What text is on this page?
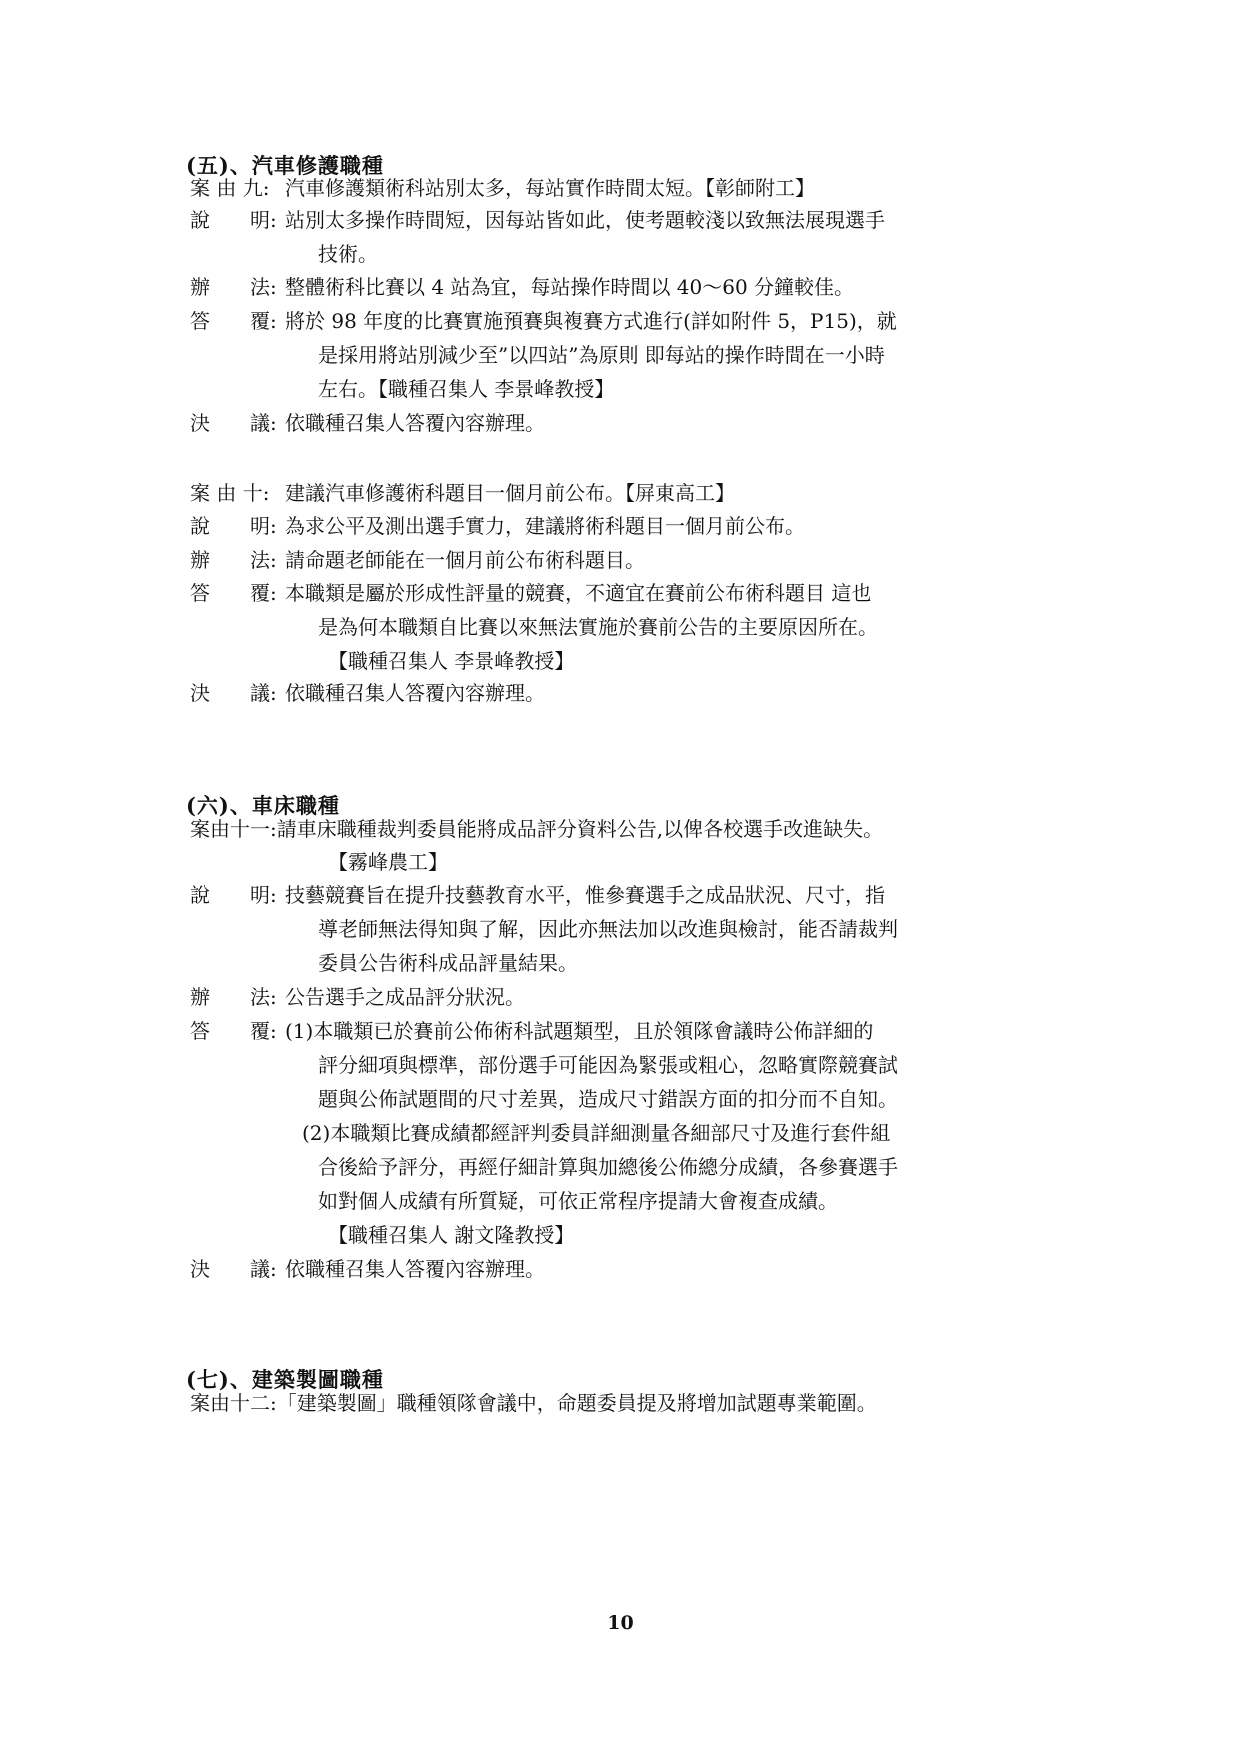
(五)、汽車修護職種
案 由 九: 汽車修護類術科站別太多，每站實作時間太短。【彰師附工】
說　　明: 站別太多操作時間短，因每站皆如此，使考題較淺以致無法展現選手
技術。
辦　　法: 整體術科比賽以 4 站為宜，每站操作時間以 40～60 分鐘較佳。
答　　覆: 將於 98 年度的比賽實施預賽與複賽方式進行(詳如附件 5，P15)，就
是採用將站別減少至”以四站”為原則 即每站的操作時間在一小時
左右。【職種召集人 李景峰教授】
決　　議: 依職種召集人答覆內容辦理。
案 由 十: 建議汽車修護術科題目一個月前公布。【屏東高工】
說　　明: 為求公平及測出選手實力，建議將術科題目一個月前公布。
辦　　法: 請命題老師能在一個月前公布術科題目。
答　　覆: 本職類是屬於形成性評量的競賽，不適宜在賽前公布術科題目 這也
是為何本職類自比賽以來無法實施於賽前公告的主要原因所在。
【職種召集人 李景峰教授】
決　　議: 依職種召集人答覆內容辦理。
(六)、車床職種
案由十一:請車床職種裁判委員能將成品評分資料公告,以俾各校選手改進缺失。
【霧峰農工】
說　　明: 技藝競賽旨在提升技藝教育水平，惟參賽選手之成品狀況、尺寸，指
導老師無法得知與了解，因此亦無法加以改進與檢討，能否請裁判
委員公告術科成品評量結果。
辦　　法: 公告選手之成品評分狀況。
答　　覆: (1)本職類已於賽前公佈術科試題類型，且於領隊會議時公佈詳細的
評分細項與標準，部份選手可能因為緊張或粗心，忽略實際競賽試
題與公佈試題間的尺寸差異，造成尺寸錯誤方面的扣分而不自知。
(2)本職類比賽成績都經評判委員詳細測量各細部尺寸及進行套件組
合後給予評分，再經仔細計算與加總後公佈總分成績，各參賽選手
如對個人成績有所質疑，可依正常程序提請大會複查成績。
【職種召集人 謝文隆教授】
決　　議: 依職種召集人答覆內容辦理。
(七)、建築製圖職種
案由十二:「建築製圖」職種領隊會議中，命題委員提及將增加試題專業範圍。
10
